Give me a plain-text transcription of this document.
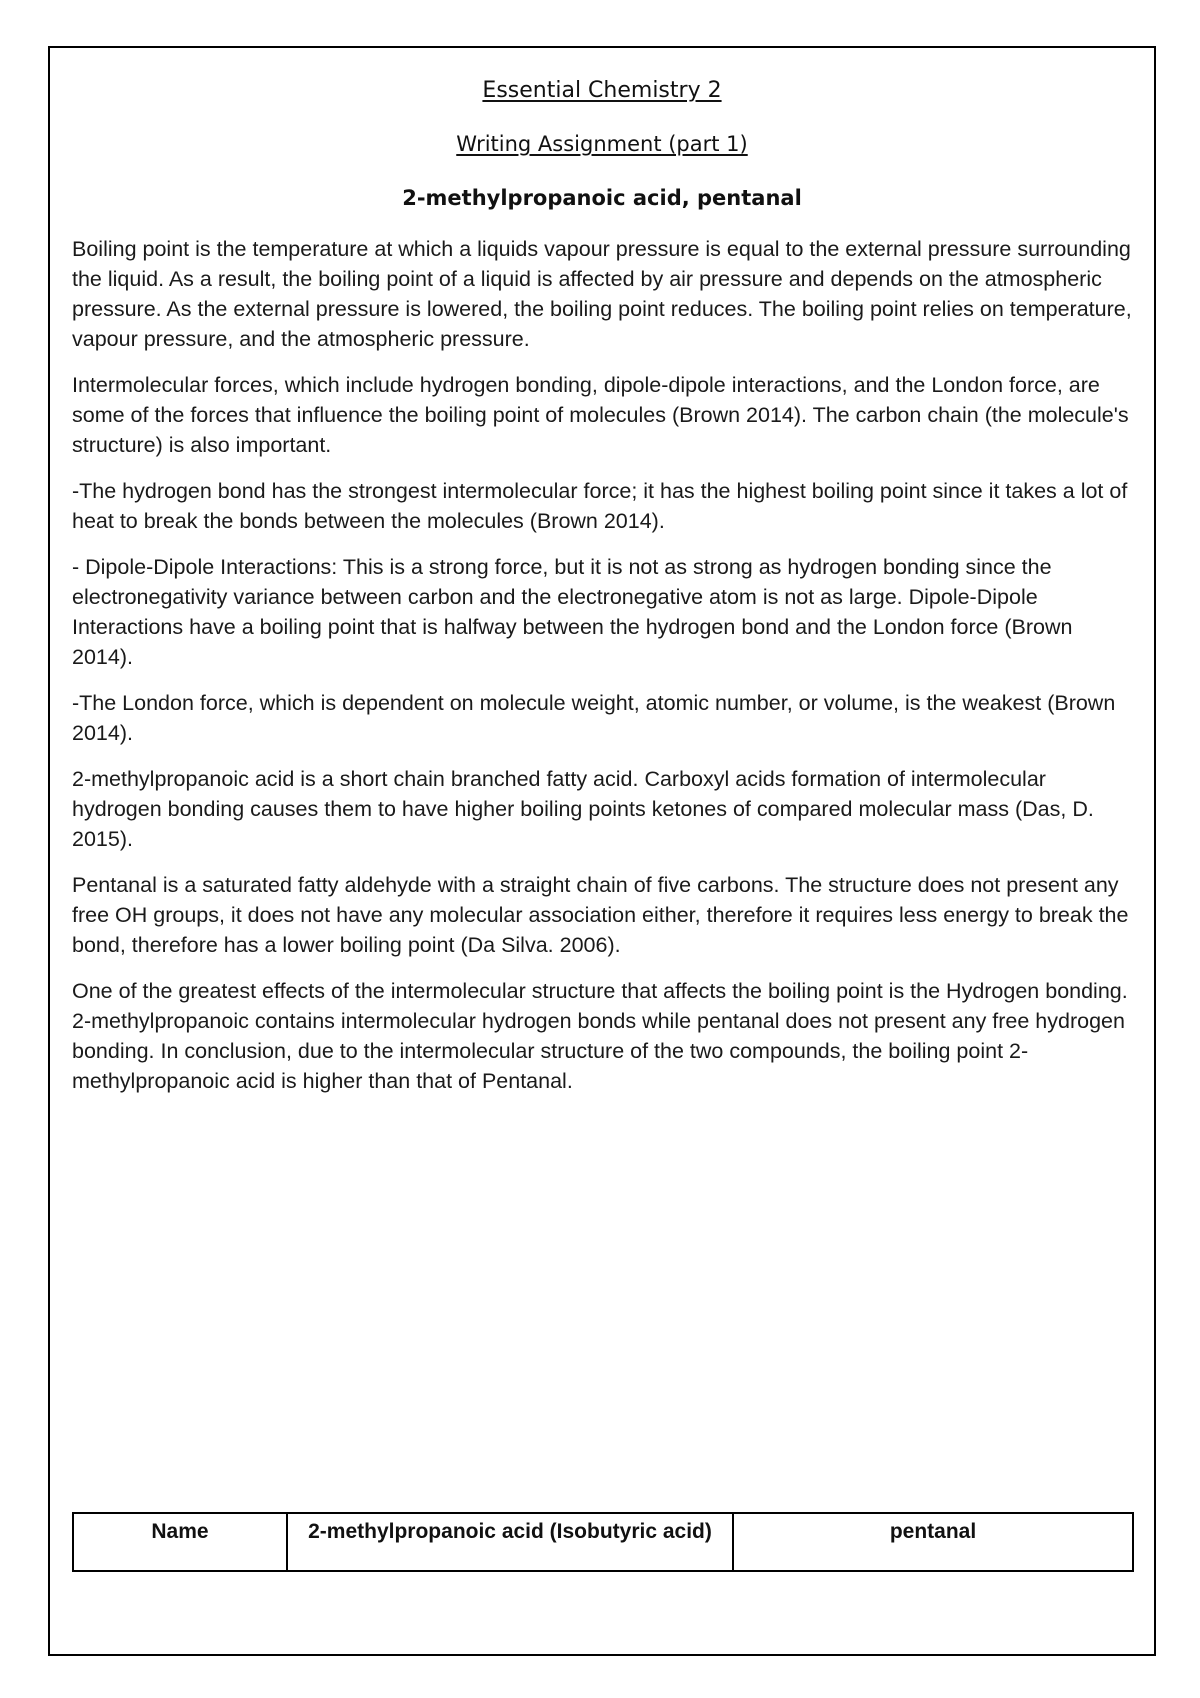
Essential Chemistry 2
Writing Assignment (part 1)
2-methylpropanoic acid, pentanal

Boiling point is the temperature at which a liquids vapour pressure is equal to the external pressure surrounding the liquid. As a result, the boiling point of a liquid is affected by air pressure and depends on the atmospheric pressure. As the external pressure is lowered, the boiling point reduces. The boiling point relies on temperature, vapour pressure, and the atmospheric pressure.

Intermolecular forces, which include hydrogen bonding, dipole-dipole interactions, and the London force, are some of the forces that influence the boiling point of molecules (Brown 2014). The carbon chain (the molecule's structure) is also important.

-The hydrogen bond has the strongest intermolecular force; it has the highest boiling point since it takes a lot of heat to break the bonds between the molecules (Brown 2014).

- Dipole-Dipole Interactions: This is a strong force, but it is not as strong as hydrogen bonding since the electronegativity variance between carbon and the electronegative atom is not as large. Dipole-Dipole Interactions have a boiling point that is halfway between the hydrogen bond and the London force (Brown 2014).

-The London force, which is dependent on molecule weight, atomic number, or volume, is the weakest (Brown 2014).

2-methylpropanoic acid is a short chain branched fatty acid. Carboxyl acids formation of intermolecular hydrogen bonding causes them to have higher boiling points ketones of compared molecular mass (Das, D. 2015).

Pentanal is a saturated fatty aldehyde with a straight chain of five carbons. The structure does not present any free OH groups, it does not have any molecular association either, therefore it requires less energy to break the bond, therefore has a lower boiling point (Da Silva. 2006).

One of the greatest effects of the intermolecular structure that affects the boiling point is the Hydrogen bonding. 2-methylpropanoic contains intermolecular hydrogen bonds while pentanal does not present any free hydrogen bonding. In conclusion, due to the intermolecular structure of the two compounds, the boiling point 2-methylpropanoic acid is higher than that of Pentanal.

Name	2-methylpropanoic acid (Isobutyric acid)	pentanal
